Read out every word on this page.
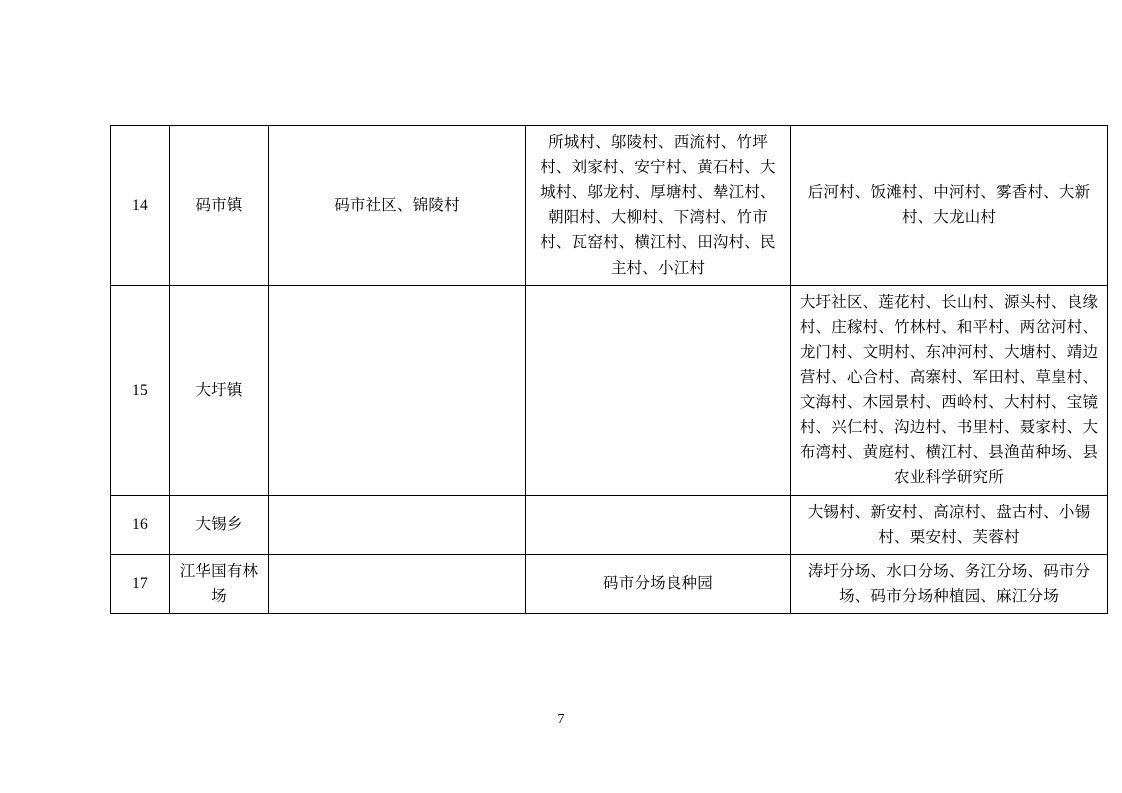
14	码市镇	码市社区、锦陵村	所城村、邬陵村、西流村、竹坪村、刘家村、安宁村、黄石村、大城村、邬龙村、厚塘村、辇江村、朝阳村、大柳村、下湾村、竹市村、瓦窑村、横江村、田沟村、民主村、小江村	后河村、饭滩村、中河村、雾香村、大新村、大龙山村
15	大圩镇			大圩社区、莲花村、长山村、源头村、良缘村、庄稼村、竹林村、和平村、两岔河村、龙门村、文明村、东冲河村、大塘村、靖边营村、心合村、高寨村、军田村、草皇村、文海村、木园景村、西岭村、大村村、宝镜村、兴仁村、沟边村、书里村、聂家村、大布湾村、黄庭村、横江村、县渔苗种场、县农业科学研究所
16	大锡乡			大锡村、新安村、高凉村、盘古村、小锡村、栗安村、芙蓉村
17	江华国有林场		码市分场良种园	涛圩分场、水口分场、务江分场、码市分场、码市分场种植园、麻江分场
7
